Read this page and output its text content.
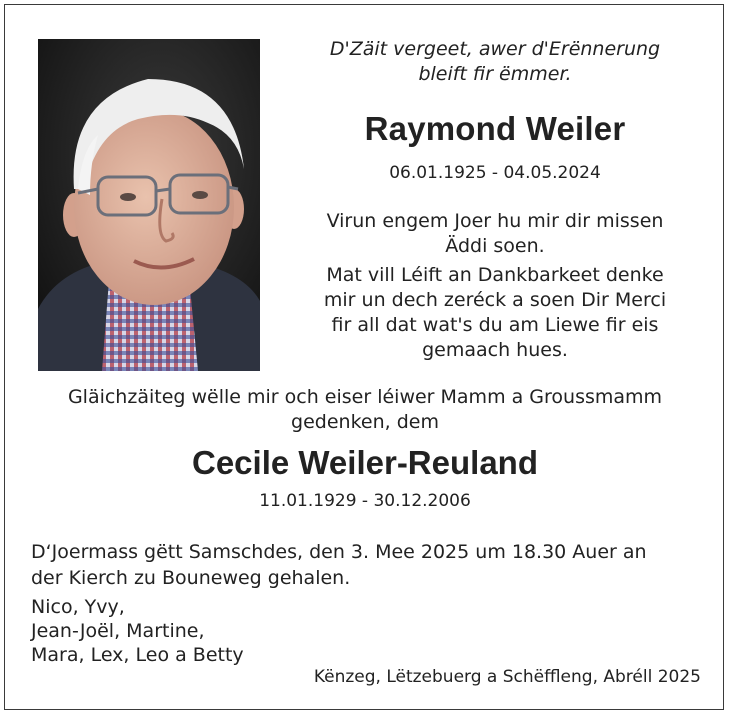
D'Zäit vergeet, awer d'Erënnerung
bleift fir ëmmer.
Raymond Weiler
06.01.1925 - 04.05.2024
Virun engem Joer hu mir dir missen
Äddi soen.
Mat vill Léift an Dankbarkeet denke
mir un dech zeréck a soen Dir Merci
fir all dat wat's du am Liewe fir eis
gemaach hues.
Gläichzäiteg wëlle mir och eiser léiwer Mamm a Groussmamm
gedenken, dem
Cecile Weiler-Reuland
11.01.1929 - 30.12.2006
D‘Joermass gëtt Samschdes, den 3. Mee 2025 um 18.30 Auer an
der Kierch zu Bouneweg gehalen.
Nico, Yvy,
Jean-Joël, Martine,
Mara, Lex, Leo a Betty
Kënzeg, Lëtzebuerg a Schëffleng, Abréll 2025
